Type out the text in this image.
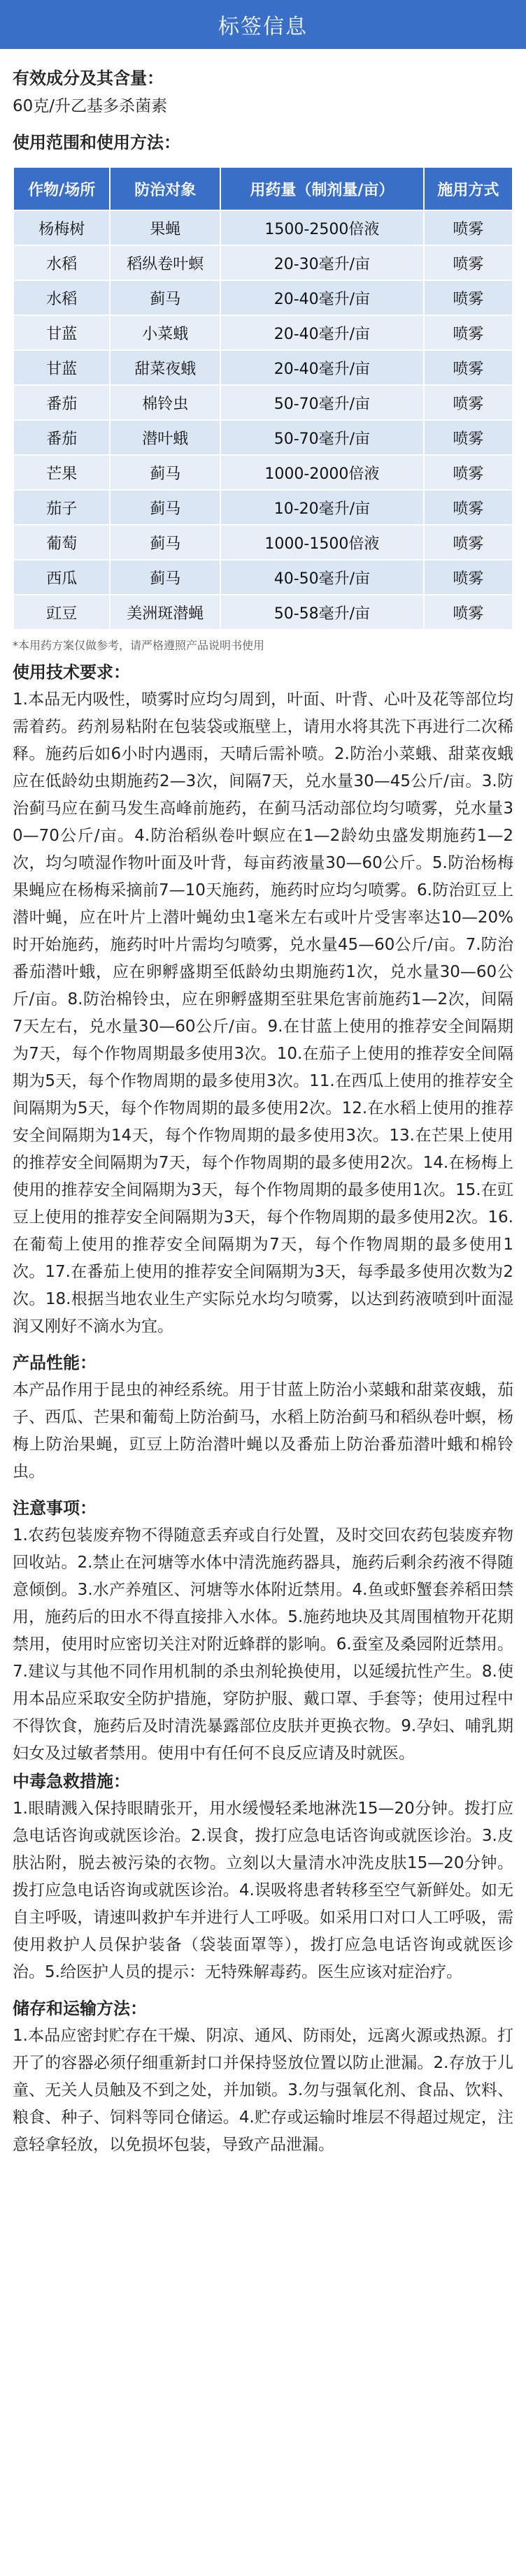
标签信息

有效成分及其含量：

60克/升乙基多杀菌素

使用范围和使用方法：

作物/场所	防治对象	用药量（制剂量/亩）	施用方式
杨梅树	果蝇	1500-2500倍液	喷雾
水稻	稻纵卷叶螟	20-30毫升/亩	喷雾
水稻	蓟马	20-40毫升/亩	喷雾
甘蓝	小菜蛾	20-40毫升/亩	喷雾
甘蓝	甜菜夜蛾	20-40毫升/亩	喷雾
番茄	棉铃虫	50-70毫升/亩	喷雾
番茄	潜叶蛾	50-70毫升/亩	喷雾
芒果	蓟马	1000-2000倍液	喷雾
茄子	蓟马	10-20毫升/亩	喷雾
葡萄	蓟马	1000-1500倍液	喷雾
西瓜	蓟马	40-50毫升/亩	喷雾
豇豆	美洲斑潜蝇	50-58毫升/亩	喷雾

*本用药方案仅做参考，请严格遵照产品说明书使用

使用技术要求：

1.本品无内吸性，喷雾时应均匀周到，叶面、叶背、心叶及花等部位均需着药。药剂易粘附在包装袋或瓶壁上，请用水将其洗下再进行二次稀释。施药后如6小时内遇雨，天晴后需补喷。2.防治小菜蛾、甜菜夜蛾应在低龄幼虫期施药2—3次，间隔7天，兑水量30—45公斤/亩。3.防治蓟马应在蓟马发生高峰前施药，在蓟马活动部位均匀喷雾，兑水量30—70公斤/亩。4.防治稻纵卷叶螟应在1—2龄幼虫盛发期施药1—2次，均匀喷湿作物叶面及叶背，每亩药液量30—60公斤。5.防治杨梅果蝇应在杨梅采摘前7—10天施药，施药时应均匀喷雾。6.防治豇豆上潜叶蝇，应在叶片上潜叶蝇幼虫1毫米左右或叶片受害率达10—20%时开始施药，施药时叶片需均匀喷雾，兑水量45—60公斤/亩。7.防治番茄潜叶蛾，应在卵孵盛期至低龄幼虫期施药1次，兑水量30—60公斤/亩。8.防治棉铃虫，应在卵孵盛期至驻果危害前施药1—2次，间隔7天左右，兑水量30—60公斤/亩。9.在甘蓝上使用的推荐安全间隔期为7天，每个作物周期最多使用3次。10.在茄子上使用的推荐安全间隔期为5天，每个作物周期的最多使用3次。11.在西瓜上使用的推荐安全间隔期为5天，每个作物周期的最多使用2次。12.在水稻上使用的推荐安全间隔期为14天，每个作物周期的最多使用3次。13.在芒果上使用的推荐安全间隔期为7天，每个作物周期的最多使用2次。14.在杨梅上使用的推荐安全间隔期为3天，每个作物周期的最多使用1次。15.在豇豆上使用的推荐安全间隔期为3天，每个作物周期的最多使用2次。16.在葡萄上使用的推荐安全间隔期为7天，每个作物周期的最多使用1次。17.在番茄上使用的推荐安全间隔期为3天，每季最多使用次数为2次。18.根据当地农业生产实际兑水均匀喷雾，以达到药液喷到叶面湿润又刚好不滴水为宜。

产品性能：

本产品作用于昆虫的神经系统。用于甘蓝上防治小菜蛾和甜菜夜蛾，茄子、西瓜、芒果和葡萄上防治蓟马，水稻上防治蓟马和稻纵卷叶螟，杨梅上防治果蝇，豇豆上防治潜叶蝇以及番茄上防治番茄潜叶蛾和棉铃虫。

注意事项：

1.农药包装废弃物不得随意丢弃或自行处置，及时交回农药包装废弃物回收站。2.禁止在河塘等水体中清洗施药器具，施药后剩余药液不得随意倾倒。3.水产养殖区、河塘等水体附近禁用。4.鱼或虾蟹套养稻田禁用，施药后的田水不得直接排入水体。5.施药地块及其周围植物开花期禁用，使用时应密切关注对附近蜂群的影响。6.蚕室及桑园附近禁用。7.建议与其他不同作用机制的杀虫剂轮换使用，以延缓抗性产生。8.使用本品应采取安全防护措施，穿防护服、戴口罩、手套等；使用过程中不得饮食，施药后及时清洗暴露部位皮肤并更换衣物。9.孕妇、哺乳期妇女及过敏者禁用。使用中有任何不良反应请及时就医。

中毒急救措施：

1.眼睛溅入保持眼睛张开，用水缓慢轻柔地淋洗15—20分钟。拨打应急电话咨询或就医诊治。2.误食，拨打应急电话咨询或就医诊治。3.皮肤沾附，脱去被污染的衣物。立刻以大量清水冲洗皮肤15—20分钟。拨打应急电话咨询或就医诊治。4.误吸将患者转移至空气新鲜处。如无自主呼吸，请速叫救护车并进行人工呼吸。如采用口对口人工呼吸，需使用救护人员保护装备（袋装面罩等），拨打应急电话咨询或就医诊治。5.给医护人员的提示：无特殊解毒药。医生应该对症治疗。

储存和运输方法：

1.本品应密封贮存在干燥、阴凉、通风、防雨处，远离火源或热源。打开了的容器必须仔细重新封口并保持竖放位置以防止泄漏。2.存放于儿童、无关人员触及不到之处，并加锁。3.勿与强氧化剂、食品、饮料、粮食、种子、饲料等同仓储运。4.贮存或运输时堆层不得超过规定，注意轻拿轻放，以免损坏包装，导致产品泄漏。
